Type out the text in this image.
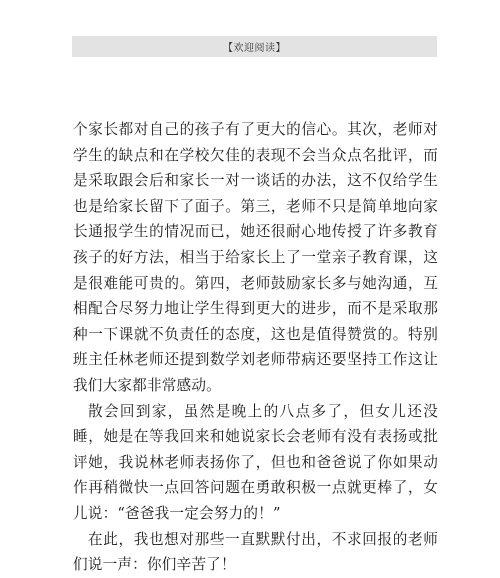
【欢迎阅读】

个家长都对自己的孩子有了更大的信心。其次，老师对学生的缺点和在学校欠佳的表现不会当众点名批评，而是采取跟会后和家长一对一谈话的办法，这不仅给学生也是给家长留下了面子。第三，老师不只是简单地向家长通报学生的情况而已，她还很耐心地传授了许多教育孩子的好方法，相当于给家长上了一堂亲子教育课，这是很难能可贵的。第四，老师鼓励家长多与她沟通，互相配合尽努力地让学生得到更大的进步，而不是采取那种一下课就不负责任的态度，这也是值得赞赏的。特别班主任林老师还提到数学刘老师带病还要坚持工作这让我们大家都非常感动。

散会回到家，虽然是晚上的八点多了，但女儿还没睡，她是在等我回来和她说家长会老师有没有表扬或批评她，我说林老师表扬你了，但也和爸爸说了你如果动作再稍微快一点回答问题在勇敢积极一点就更棒了，女儿说：“爸爸我一定会努力的！”

在此，我也想对那些一直默默付出，不求回报的老师们说一声：你们辛苦了！
